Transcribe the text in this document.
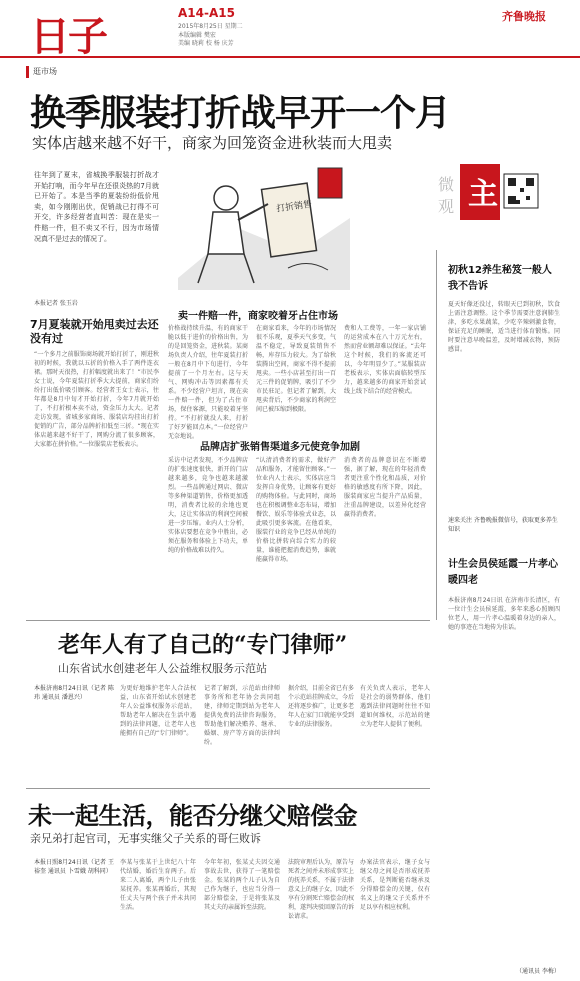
日子
A14-A15
2015年8月25日 星期二
本版编辑 樊宏
美编 晓莉 校 杨 庆芳
齐鲁晚报
逛市场
换季服装打折战早开一个月
实体店越来越不好干，商家为回笼资金进秋装而大甩卖
往年到了夏末，省城换季服装打折战才开始打响，而今年早在还很炎热的7月就已开始了。本是当季的夏装纷纷低价甩卖，如今刚刚出伏，促销战已打得不可开交，许多经营者直叫苦：现在是实一件赔一件，但不卖又不行，因为市场情况真不是过去的情况了。
本报记者 张玉岩
打折销售
微
观 主
7月夏装就开始甩卖过去还没有过
“一个多月之前服饰商场就开始打折了，刚进秋初的时候，我就以五折的价格入手了两件连衣裙。那时天很热，打折幅度就出来了！”市民李女士说，今年夏装打折季大大提前，商家们纷纷打出低价吸引顾客。经营者王女士表示，往年都是8月中旬才开始打折，今年7月就开始了，不打折根本卖不动，资金压力太大。记者走访发现，省城多家商场、服装店均挂出打折促销的广告，部分品牌折扣低至三折。“现在实体店越来越不好干了，网购分流了很多顾客，大家都在拼价格。”一位服装店老板表示。
卖一件赔一件，商家咬着牙占住市场
价格战持续升温，有的商家干脆以低于进价的价格出售，为的是回笼资金，进秋装。某商场负责人介绍，往年夏装打折一般在8月中下旬进行，今年提前了一个月左右。这与天气、网购冲击等因素都有关系。不少经营户坦言，现在卖一件赔一件，但为了占住市场，保住客源，只能咬着牙坚持。“不打折就没人来，打折了好歹能回点本。”一位经营户无奈地说。
在商家看来，今年的市场情况很不乐观，夏季天气多变，气温不稳定，导致夏装销售不畅，库存压力较大。为了给秋装腾出空间，商家不得不提前甩卖。一些小店甚至打出一百元三件的促销牌，吸引了不少市民驻足。但记者了解到，大甩卖背后，不少商家的利润空间已被压缩到极限。
费和人工费等，一年一家店铺的运营成本在八十万元左右，然而营业额却难以保证。“去年这个时候，我们的客流还可以，今年明显少了。”某服装店老板表示，实体店面临转型压力，越来越多的商家开始尝试线上线下结合的经营模式。
品牌店扩张销售渠道多元使竞争加剧
采访中记者发现，不少品牌店的扩张速度很快，新开的门店越来越多，竞争也越来越激烈。一些品牌通过网店、微店等多种渠道销售，价格更加透明，消费者比较的余地也更大，这让实体店的利润空间被进一步压缩。业内人士分析，实体店要想在竞争中胜出，必须在服务和体验上下功夫，单纯的价格战难以持久。
“认清消费者的需求，做好产品和服务，才能留住顾客。”一位业内人士表示，实体店应当发挥自身优势，让顾客有更好的购物体验。与此同时，商场也在积极调整业态布局，增加餐饮、娱乐等体验式业态，以此吸引更多客流。在他看来，服装行业的竞争已经从单纯的价格比拼转向综合实力的较量，谁能把握消费趋势，谁就能赢得市场。
消费者的品牌意识在不断增强，据了解，现在的年轻消费者更注重个性化和品质，对价格的敏感度有所下降，因此，服装商家应当提升产品质量，注重品牌建设，以差异化经营赢得消费者。
初秋12养生秘笈一般人我不告诉
夏天好像还没过，转眼天已到初秋，饮食上需注意调整。这个季节需要注意润肺生津，多吃水果蔬菜，少吃辛辣刺激食物，保证充足的睡眠，适当进行体育锻炼。同时要注意早晚温差，及时增减衣物，预防感冒。
速来关注 齐鲁晚报微信号，获取更多养生知识
计生会员侯延霞一片孝心暖四老
本报济南8月24日讯 在济南市长清区，有一位计生会员侯延霞，多年来悉心照顾四位老人，用一片孝心温暖着身边的亲人，她的事迹在当地传为佳话。
（通讯员 李梅）
老年人有了自己的“专门律师”
山东省试水创建老年人公益维权服务示范站
本报济南8月24日讯（记者 陈玮 通讯员 潘恩兴）
为更好地维护老年人合法权益，山东省开始试水创建老年人公益维权服务示范站，帮助老年人解决在生活中遇到的法律问题，让老年人也能拥有自己的“专门律师”。
记者了解到，示范站由律师事务所和老年协会共同组建，律师定期到站为老年人提供免费的法律咨询服务，帮助他们解决赡养、继承、婚姻、房产等方面的法律纠纷。
据介绍，目前全省已有多个示范站挂牌成立，今后还将逐步推广，让更多老年人在家门口就能享受到专业的法律服务。
有关负责人表示，老年人是社会的弱势群体，他们遇到法律问题时往往不知道如何维权，示范站的建立为老年人提供了便利。
未一起生活，能否分继父赔偿金
亲兄弟打起官司，无事实继父子关系的哥仨败诉
本报日照8月24日讯（记者 王裕奎 通讯员 卜雪娥 胡科同）
李某与张某于上世纪八十年代结婚，婚后生育两子。后来二人离婚，两个儿子由张某抚养。张某再婚后，其现任丈夫与两个孩子并未共同生活。
今年年初，张某丈夫因交通事故去世，获得了一笔赔偿金。张某的两个儿子认为自己作为继子，也应当分得一部分赔偿金，于是将张某及其丈夫的亲属诉至法院。
法院审理后认为，原告与死者之间并未形成事实上的抚养关系，不属于法律意义上的继子女，因此不享有分割死亡赔偿金的权利，遂判决驳回原告的诉讼请求。
办案法官表示，继子女与继父母之间是否形成抚养关系，是判断能否继承及分得赔偿金的关键，仅有名义上的继父子关系并不足以享有相应权利。
